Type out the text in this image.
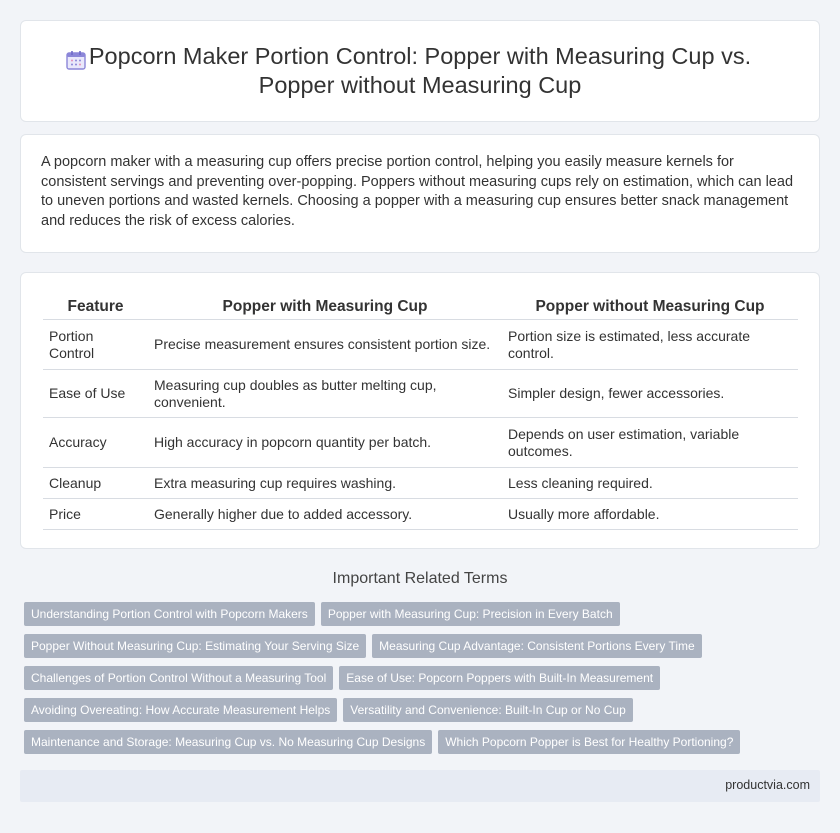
Popcorn Maker Portion Control: Popper with Measuring Cup vs. Popper without Measuring Cup

A popcorn maker with a measuring cup offers precise portion control, helping you easily measure kernels for consistent servings and preventing over-popping. Poppers without measuring cups rely on estimation, which can lead to uneven portions and wasted kernels. Choosing a popper with a measuring cup ensures better snack management and reduces the risk of excess calories.

Feature	Popper with Measuring Cup	Popper without Measuring Cup
Portion Control	Precise measurement ensures consistent portion size.	Portion size is estimated, less accurate control.
Ease of Use	Measuring cup doubles as butter melting cup, convenient.	Simpler design, fewer accessories.
Accuracy	High accuracy in popcorn quantity per batch.	Depends on user estimation, variable outcomes.
Cleanup	Extra measuring cup requires washing.	Less cleaning required.
Price	Generally higher due to added accessory.	Usually more affordable.
Important Related Terms
Understanding Portion Control with Popcorn Makers	Popper with Measuring Cup: Precision in Every Batch
Popper Without Measuring Cup: Estimating Your Serving Size	Measuring Cup Advantage: Consistent Portions Every Time
Challenges of Portion Control Without a Measuring Tool	Ease of Use: Popcorn Poppers with Built-In Measurement
Avoiding Overeating: How Accurate Measurement Helps	Versatility and Convenience: Built-In Cup or No Cup
Maintenance and Storage: Measuring Cup vs. No Measuring Cup Designs	Which Popcorn Popper is Best for Healthy Portioning?
productvia.com
